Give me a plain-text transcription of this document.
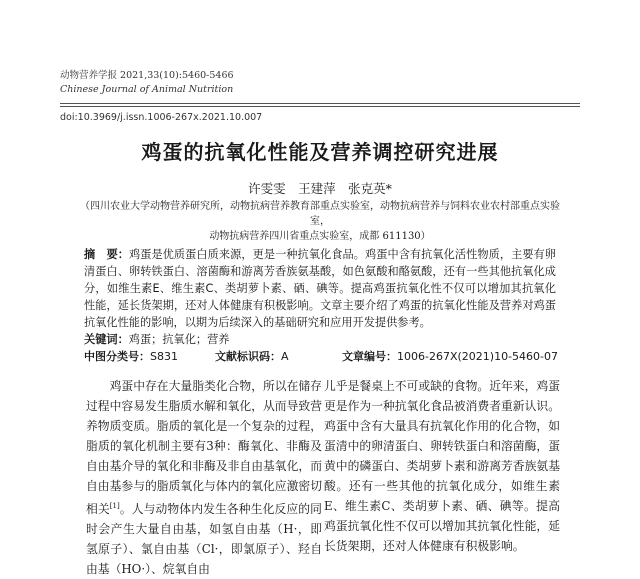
动物营养学报 2021,33(10):5460-5466
Chinese Journal of Animal Nutrition
doi:10.3969/j.issn.1006-267x.2021.10.007
鸡蛋的抗氧化性能及营养调控研究进展
许雯雯　王建萍　张克英*
（四川农业大学动物营养研究所，动物抗病营养教育部重点实验室，动物抗病营养与饲料农业农村部重点实验室，
动物抗病营养四川省重点实验室，成都 611130）
摘　要：鸡蛋是优质蛋白质来源，更是一种抗氧化食品。鸡蛋中含有抗氧化活性物质，主要有卵清蛋白、卵转铁蛋白、溶菌酶和游离芳香族氨基酸，如色氨酸和酪氨酸，还有一些其他抗氧化成分，如维生素E、维生素C、类胡萝卜素、硒、碘等。提高鸡蛋抗氧化性不仅可以增加其抗氧化性能，延长货架期，还对人体健康有积极影响。文章主要介绍了鸡蛋的抗氧化性能及营养对鸡蛋抗氧化性能的影响，以期为后续深入的基础研究和应用开发提供参考。
关键词：鸡蛋；抗氧化；营养
中图分类号：S831	文献标识码：A	文章编号：1006-267X(2021)10-5460-07

　　鸡蛋中存在大量脂类化合物，所以在储存过程中容易发生脂质水解和氧化，从而导致营养物质变质。脂质的氧化是一个复杂的过程，脂质的氧化机制主要有3种：酶氧化、非酶及自由基介导的氧化和非酶及非自由基氧化，而自由基参与的脂质氧化与体内的氧化应激密切相关[1]。人与动物体内发生各种生化反应的同时会产生大量自由基，如氢自由基（H·，即氢原子）、氯自由基（Cl·，即氯原子）、羟自由基（HO·）、烷氧自由

儿乎是餐桌上不可或缺的食物。近年来，鸡蛋更是作为一种抗氧化食品被消费者重新认识。鸡蛋中含有大量具有抗氧化作用的化合物，如蛋清中的卵清蛋白、卵转铁蛋白和溶菌酶，蛋黄中的磷蛋白、类胡萝卜素和游离芳香族氨基酸。还有一些其他的抗氧化成分，如维生素E、维生素C、类胡萝卜素、硒、碘等。提高鸡蛋抗氧化性不仅可以增加其抗氧化性能，延长货架期，还对人体健康有积极影响。
